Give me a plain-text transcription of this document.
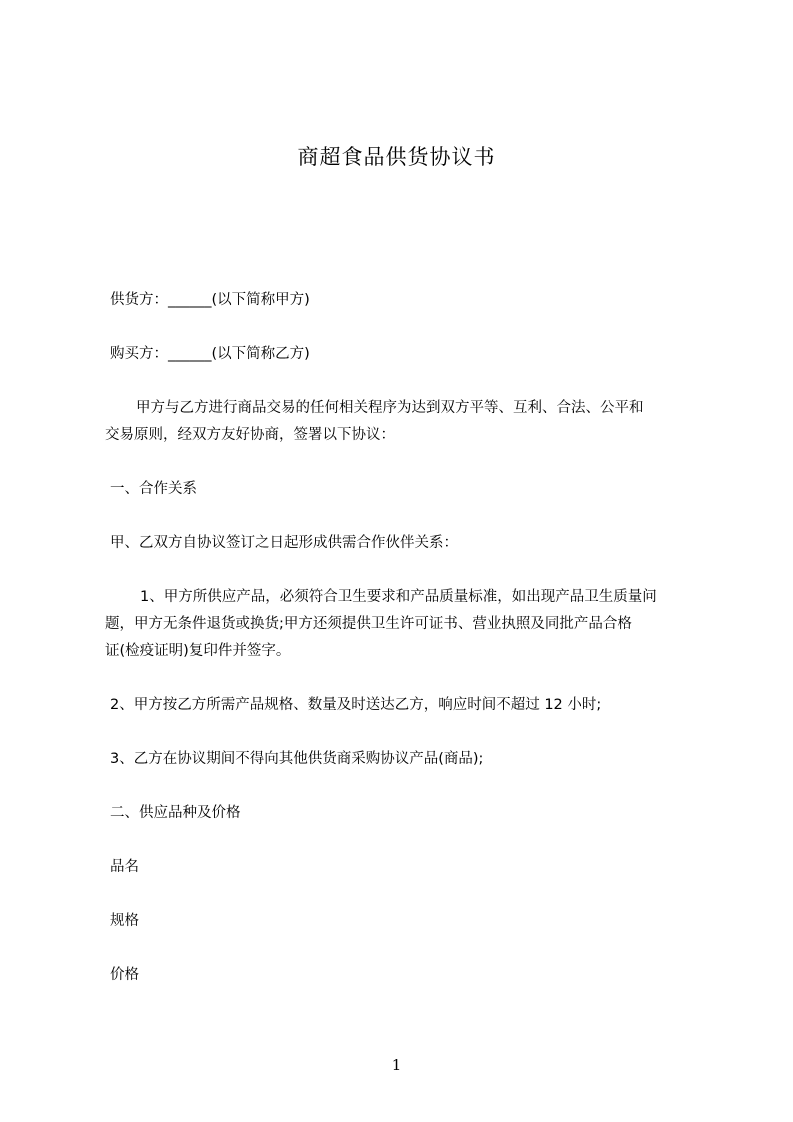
商超食品供货协议书
供货方：______(以下简称甲方)
购买方：______(以下简称乙方)
甲方与乙方进行商品交易的任何相关程序为达到双方平等、互利、合法、公平和
交易原则，经双方友好协商，签署以下协议：
一、合作关系
甲、乙双方自协议签订之日起形成供需合作伙伴关系：
1、甲方所供应产品，必须符合卫生要求和产品质量标准，如出现产品卫生质量问
题，甲方无条件退货或换货;甲方还须提供卫生许可证书、营业执照及同批产品合格
证(检疫证明)复印件并签字。
2、甲方按乙方所需产品规格、数量及时送达乙方，响应时间不超过 12 小时;
3、乙方在协议期间不得向其他供货商采购协议产品(商品);
二、供应品种及价格
品名
规格
价格
1
